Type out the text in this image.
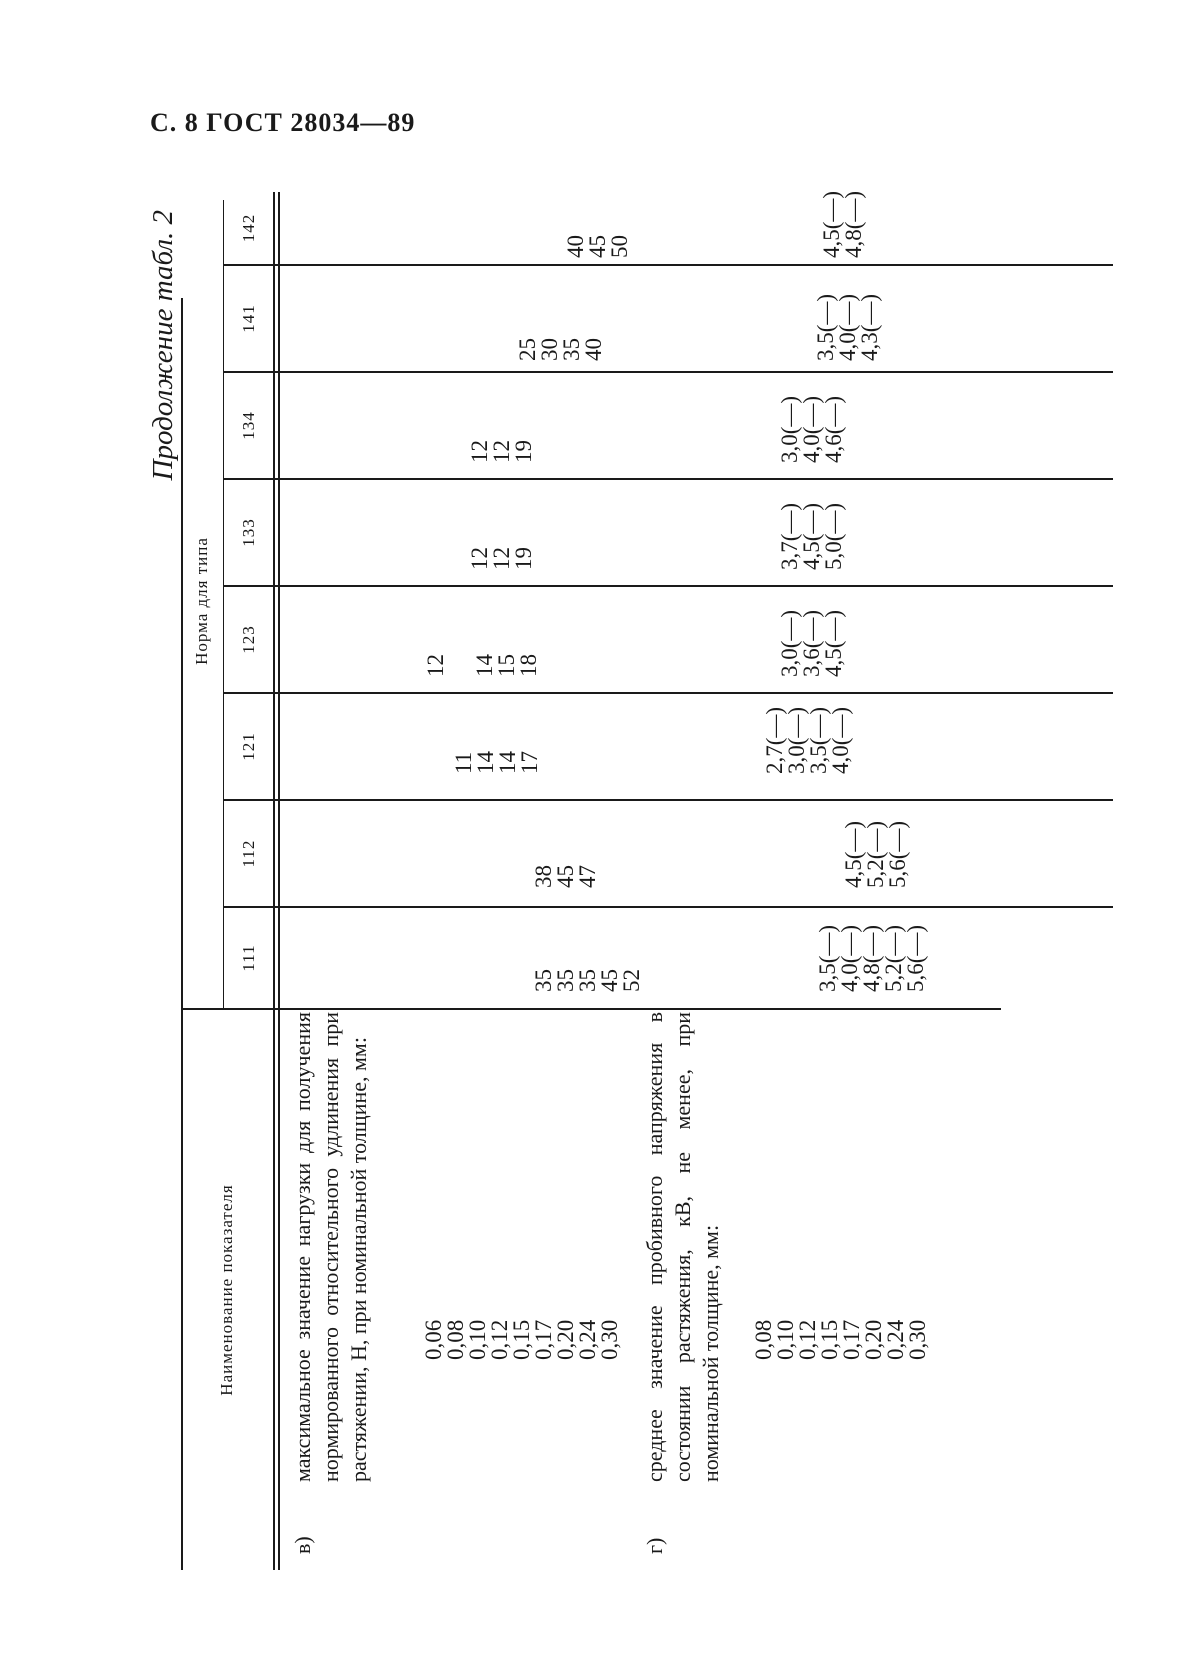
С. 8 ГОСТ 28034—89
Продолжение табл. 2
Наименование показателя
Норма для типа
111
112
121
123
133
134
141
142
в)
максимальное значение нагрузки для получения нормированного относительного удлинения при растяжении, Н, при номинальной толщине, мм: 0,06
0,08
0,10
0,12
0,15
0,17
0,20
0,24
0,30
35
35
35
45
52
38
45
47
11
14
14
17
12 14
15
18
12
12
19
12
12
19
25
30
35
40
40
45
50
г)
среднее значение пробивного напряжения в состоянии растяжения, кВ, не менее, при номинальной толщине, мм: 0,08
0,10
0,12
0,15
0,17
0,20
0,24
0,30
3,5(—)
4,0(—)
4,8(—)
5,2(—)
5,6(—)
4,5(—)
5,2(—)
5,6(—)
2,7(—)
3,0(—)
3,5(—)
4,0(—)
3,0(—)
3,6(—)
4,5(—)
3,7(—)
4,5(—)
5,0(—)
3,0(—)
4,0(—)
4,6(—)
3,5(—)
4,0(—)
4,3(—)
4,5(—)
4,8(—)
